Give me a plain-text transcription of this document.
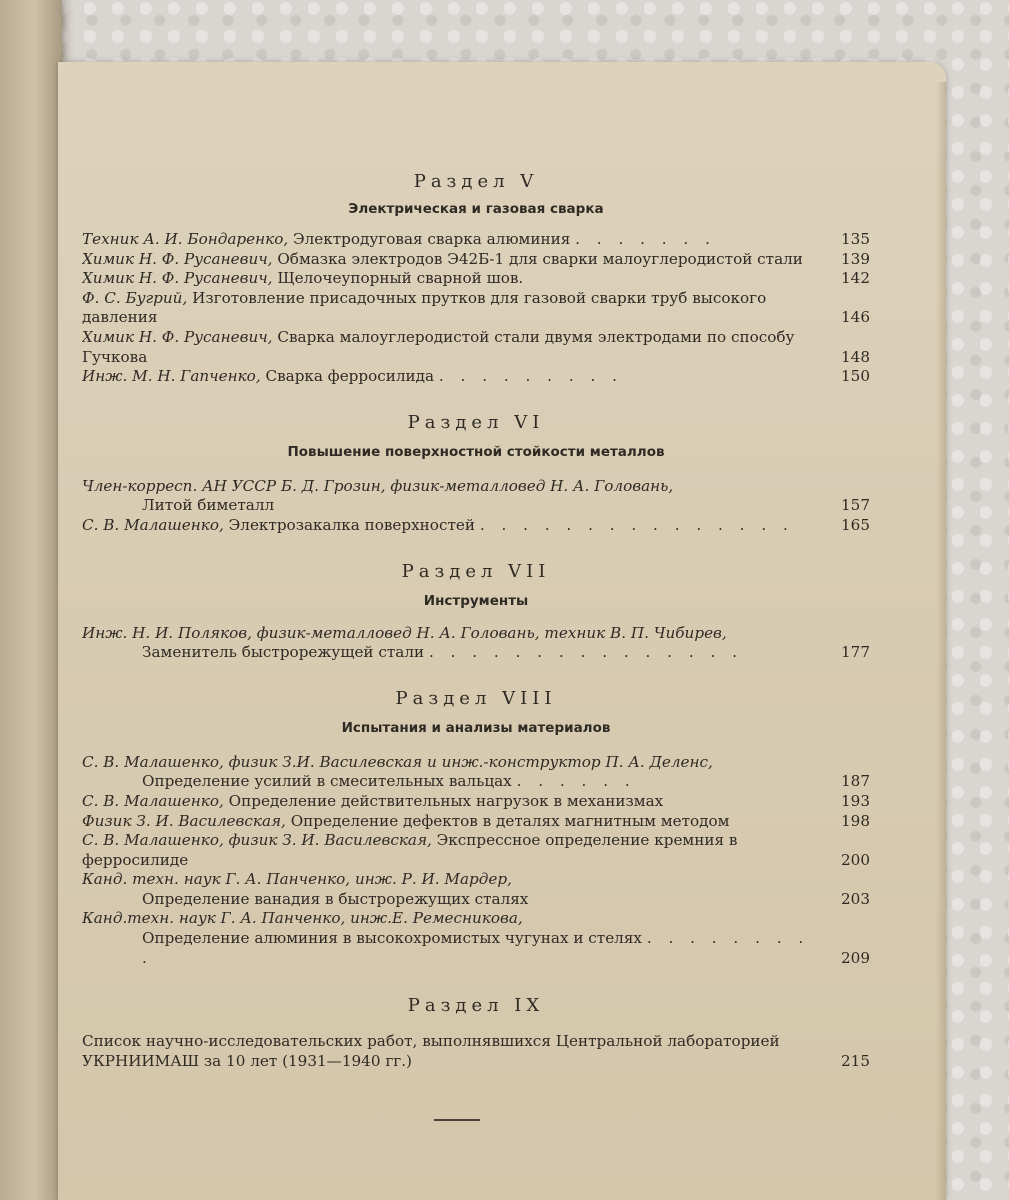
Раздел V
Электрическая и газовая сварка
Техник А. И. Бондаренко, Электродуговая сварка алюминия . . . . . . .	135
Химик Н. Ф. Русаневич, Обмазка электродов Э42Б-1 для сварки малоуглеродистой стали	139
Химик Н. Ф. Русаневич, Щелочеупорный сварной шов.	142
Ф. С. Бугрий, Изготовление присадочных прутков для газовой сварки труб высокого давления	146
Химик Н. Ф. Русаневич, Сварка малоуглеродистой стали двумя электродами по способу Гучкова	148
Инж. М. Н. Гапченко, Сварка ферросилида . . . . . . . . .	150
Раздел VI
Повышение поверхностной стойкости металлов
Член-корресп. АН УССР Б. Д. Грозин, физик-металловед Н. А. Головань,
Литой биметалл	157
С. В. Малашенко, Электрозакалка поверхностей . . . . . . . . . . . . . . .	165
Раздел VII
Инструменты
Инж. Н. И. Поляков, физик-металловед Н. А. Головань, техник В. П. Чибирев,
Заменитель быстрорежущей стали . . . . . . . . . . . . . . .	177
Раздел VIII
Испытания и анализы материалов
С. В. Малашенко, физик З.И. Василевская и инж.-конструктор П. А. Деленс,
Определение усилий в смесительных вальцах . . . . . .	187
С. В. Малашенко, Определение действительных нагрузок в механизмах	193
Физик З. И. Василевская, Определение дефектов в деталях магнитным методом	198
С. В. Малашенко, физик З. И. Василевская, Экспрессное определение кремния в ферросилиде	200
Канд. техн. наук Г. А. Панченко, инж. Р. И. Мардер,
Определение ванадия в быстрорежущих сталях	203
Канд.техн. наук Г. А. Панченко, инж.Е. Ремесникова,
Определение алюминия в высокохромистых чугунах и стелях . . . . . . . . .	209
Раздел IX
Список научно-исследовательских работ, выполнявшихся Центральной лабораторией УКРНИИМАШ за 10 лет (1931—1940 гг.)	215
